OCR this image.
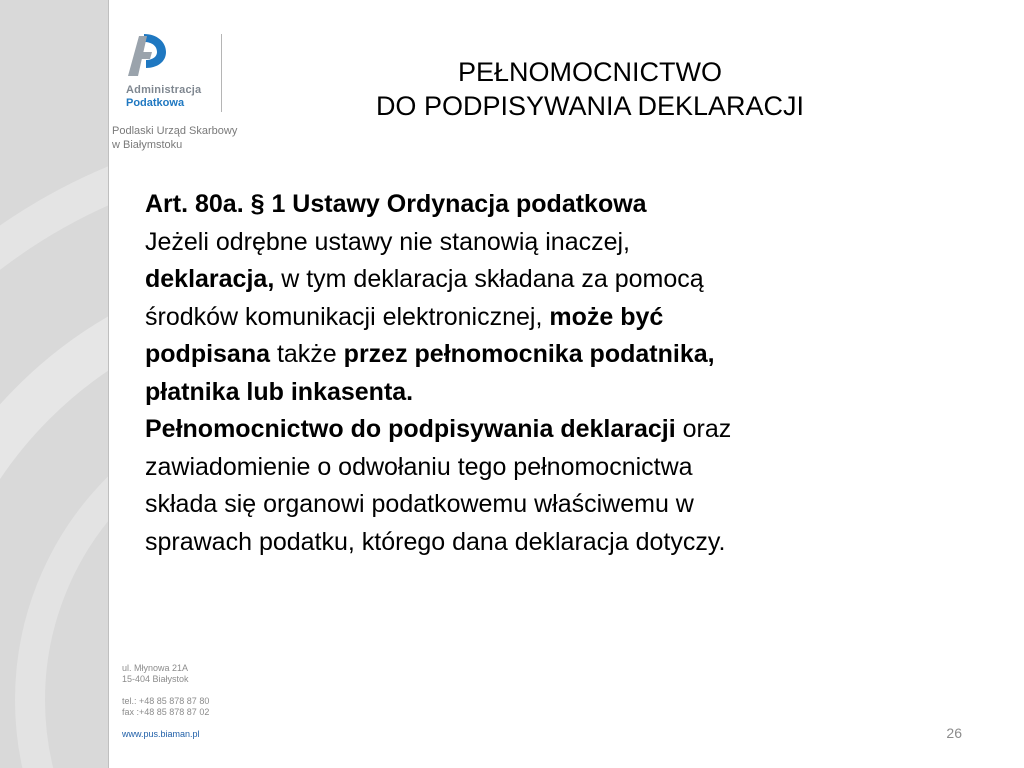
Administracja
Podatkowa
Podlaski Urząd Skarbowy
w Białymstoku
PEŁNOMOCNICTWO
DO PODPISYWANIA DEKLARACJI
Art. 80a. § 1 Ustawy Ordynacja podatkowa
Jeżeli odrębne ustawy nie stanowią inaczej,
deklaracja, w tym deklaracja składana za pomocą
środków komunikacji elektronicznej, może być
podpisana także przez pełnomocnika podatnika,
płatnika lub inkasenta.
Pełnomocnictwo do podpisywania deklaracji oraz
zawiadomienie o odwołaniu tego pełnomocnictwa
składa się organowi podatkowemu właściwemu w
sprawach podatku, którego dana deklaracja dotyczy.
ul. Młynowa 21A
15-404 Białystok
tel.: +48 85 878 87 80
fax :+48 85 878 87 02
www.pus.biaman.pl	26
